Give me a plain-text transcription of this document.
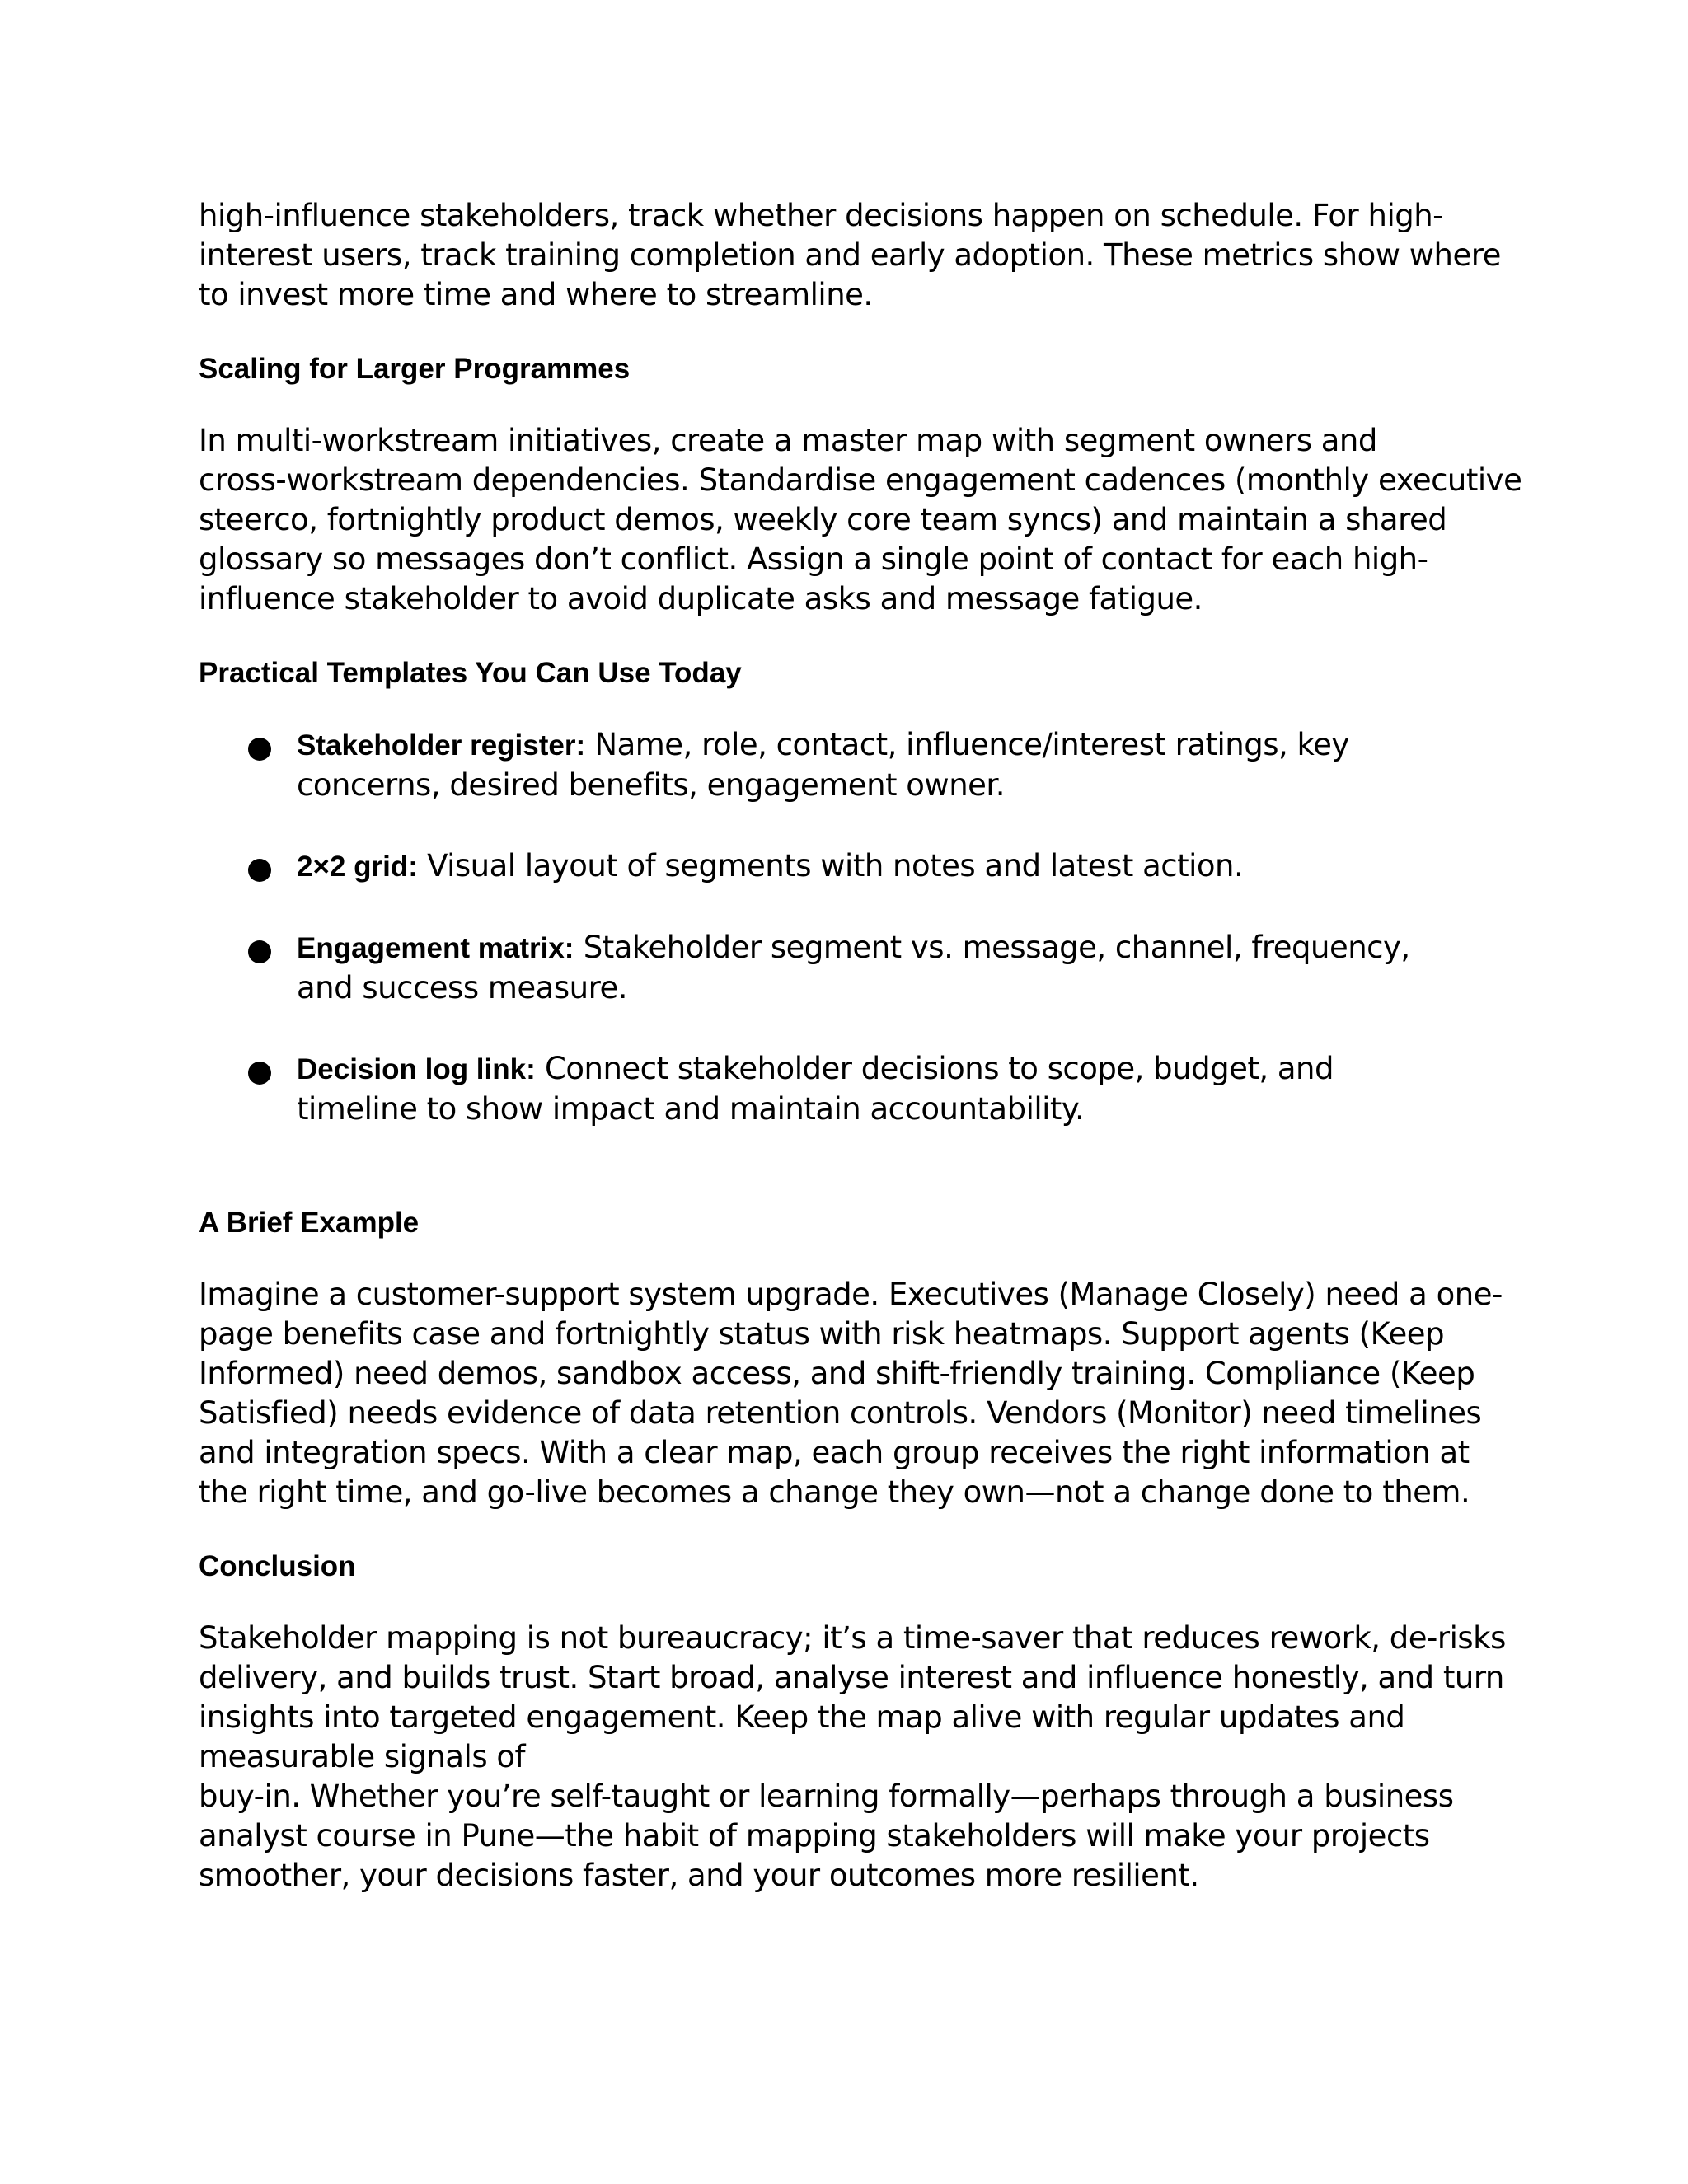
high-influence stakeholders, track whether decisions happen on schedule. For high-
interest users, track training completion and early adoption. These metrics show where
to invest more time and where to streamline.

Scaling for Larger Programmes

In multi-workstream initiatives, create a master map with segment owners and
cross-workstream dependencies. Standardise engagement cadences (monthly executive
steerco, fortnightly product demos, weekly core team syncs) and maintain a shared
glossary so messages don’t conflict. Assign a single point of contact for each high-
influence stakeholder to avoid duplicate asks and message fatigue.

Practical Templates You Can Use Today
Stakeholder register: Name, role, contact, influence/interest ratings, key
concerns, desired benefits, engagement owner.
2×2 grid: Visual layout of segments with notes and latest action.
Engagement matrix: Stakeholder segment vs. message, channel, frequency,
and success measure.
Decision log link: Connect stakeholder decisions to scope, budget, and
timeline to show impact and maintain accountability.
A Brief Example

Imagine a customer-support system upgrade. Executives (Manage Closely) need a one-
page benefits case and fortnightly status with risk heatmaps. Support agents (Keep
Informed) need demos, sandbox access, and shift-friendly training. Compliance (Keep
Satisfied) needs evidence of data retention controls. Vendors (Monitor) need timelines
and integration specs. With a clear map, each group receives the right information at
the right time, and go-live becomes a change they own—not a change done to them.

Conclusion

Stakeholder mapping is not bureaucracy; it’s a time-saver that reduces rework, de-risks
delivery, and builds trust. Start broad, analyse interest and influence honestly, and turn
insights into targeted engagement. Keep the map alive with regular updates and
measurable signals of
buy-in. Whether you’re self-taught or learning formally—perhaps through a business
analyst course in Pune—the habit of mapping stakeholders will make your projects
smoother, your decisions faster, and your outcomes more resilient.
